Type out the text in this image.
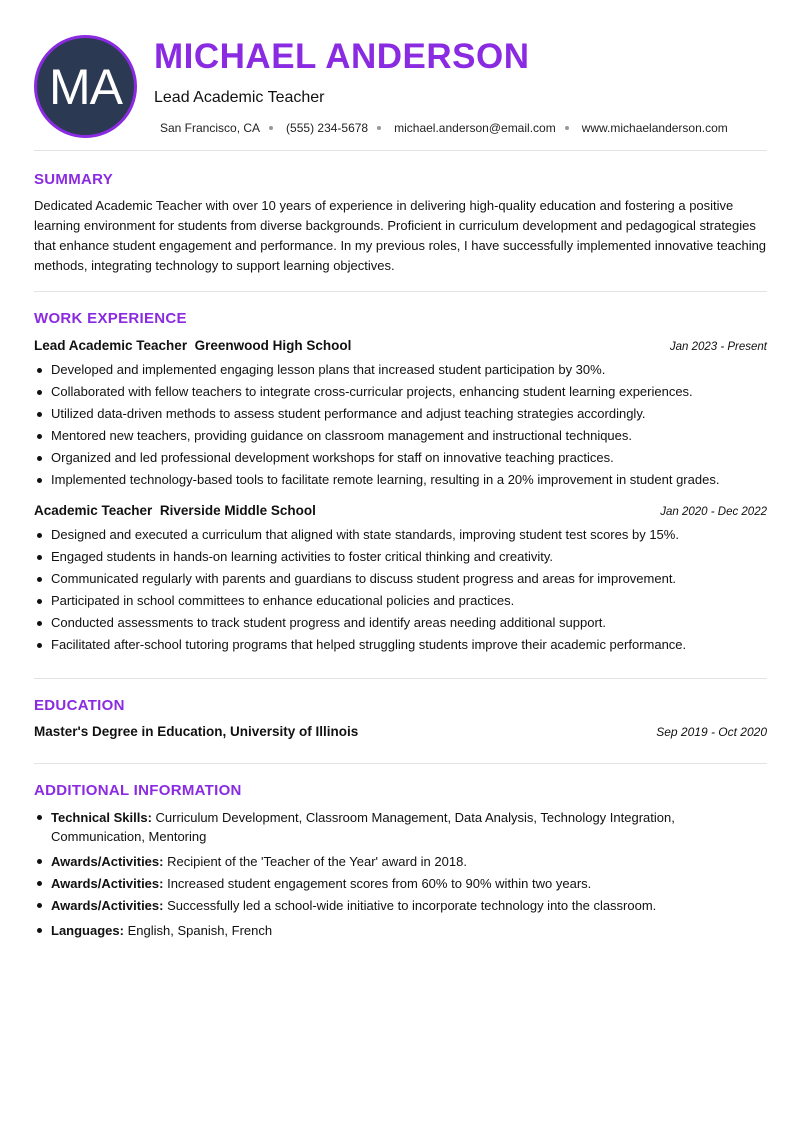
MA
MICHAEL ANDERSON
Lead Academic Teacher
San Francisco, CA (555) 234-5678 michael.anderson@email.com www.michaelanderson.com
SUMMARY

Dedicated Academic Teacher with over 10 years of experience in delivering high-quality education and fostering a positive learning environment for students from diverse backgrounds. Proficient in curriculum development and pedagogical strategies that enhance student engagement and performance. In my previous roles, I have successfully implemented innovative teaching methods, integrating technology to support learning objectives.

WORK EXPERIENCE
Lead Academic Teacher Greenwood High School	Jan 2023 - Present
Developed and implemented engaging lesson plans that increased student participation by 30%.
Collaborated with fellow teachers to integrate cross-curricular projects, enhancing student learning experiences.
Utilized data-driven methods to assess student performance and adjust teaching strategies accordingly.
Mentored new teachers, providing guidance on classroom management and instructional techniques.
Organized and led professional development workshops for staff on innovative teaching practices.
Implemented technology-based tools to facilitate remote learning, resulting in a 20% improvement in student grades.
Academic Teacher Riverside Middle School	Jan 2020 - Dec 2022
Designed and executed a curriculum that aligned with state standards, improving student test scores by 15%.
Engaged students in hands-on learning activities to foster critical thinking and creativity.
Communicated regularly with parents and guardians to discuss student progress and areas for improvement.
Participated in school committees to enhance educational policies and practices.
Conducted assessments to track student progress and identify areas needing additional support.
Facilitated after-school tutoring programs that helped struggling students improve their academic performance.
EDUCATION
Master's Degree in Education, University of Illinois	Sep 2019 - Oct 2020
ADDITIONAL INFORMATION
Technical Skills: Curriculum Development, Classroom Management, Data Analysis, Technology Integration, Communication, Mentoring
Awards/Activities: Recipient of the 'Teacher of the Year' award in 2018.
Awards/Activities: Increased student engagement scores from 60% to 90% within two years.
Awards/Activities: Successfully led a school-wide initiative to incorporate technology into the classroom.
Languages: English, Spanish, French
